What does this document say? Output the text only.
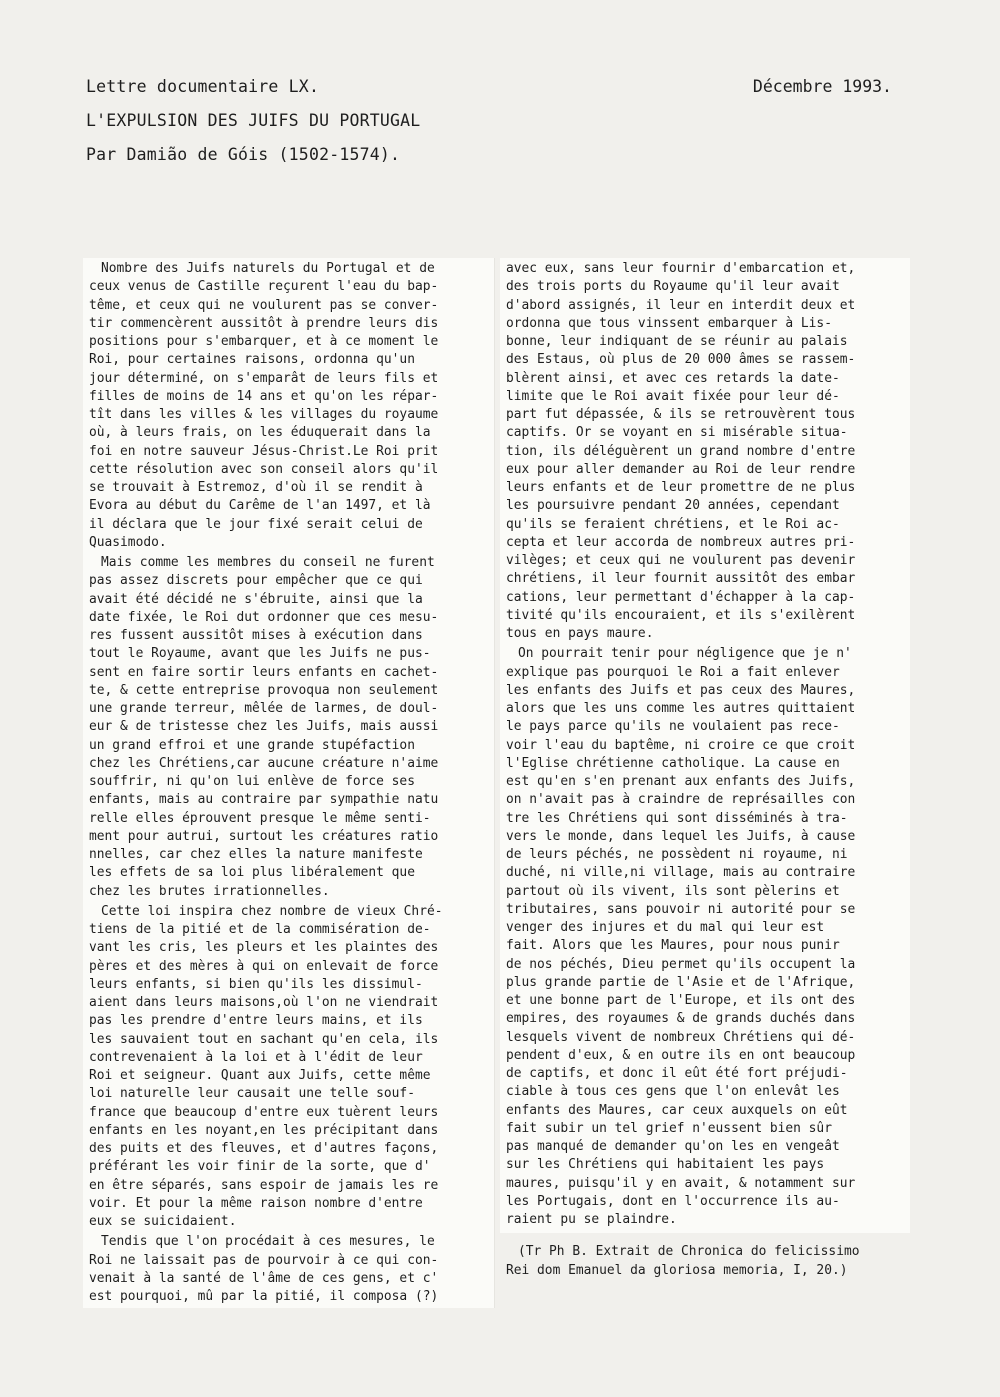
Lettre documentaire LX.	Décembre 1993.
L'EXPULSION DES JUIFS DU PORTUGAL
Par Damião de Góis (1502-1574).

Nombre des Juifs naturels du Portugal et de
ceux venus de Castille reçurent l'eau du bap-
tême, et ceux qui ne voulurent pas se conver-
tir commencèrent aussitôt à prendre leurs dis
positions pour s'embarquer, et à ce moment le
Roi, pour certaines raisons, ordonna qu'un
jour déterminé, on s'emparât de leurs fils et
filles de moins de 14 ans et qu'on les répar-
tît dans les villes & les villages du royaume
où, à leurs frais, on les éduquerait dans la
foi en notre sauveur Jésus-Christ.Le Roi prit
cette résolution avec son conseil alors qu'il
se trouvait à Estremoz, d'où il se rendit à
Evora au début du Carême de l'an 1497, et là
il déclara que le jour fixé serait celui de
Quasimodo.

Mais comme les membres du conseil ne furent
pas assez discrets pour empêcher que ce qui
avait été décidé ne s'ébruite, ainsi que la
date fixée, le Roi dut ordonner que ces mesu-
res fussent aussitôt mises à exécution dans
tout le Royaume, avant que les Juifs ne pus-
sent en faire sortir leurs enfants en cachet-
te, & cette entreprise provoqua non seulement
une grande terreur, mêlée de larmes, de doul-
eur & de tristesse chez les Juifs, mais aussi
un grand effroi et une grande stupéfaction
chez les Chrétiens,car aucune créature n'aime
souffrir, ni qu'on lui enlève de force ses
enfants, mais au contraire par sympathie natu
relle elles éprouvent presque le même senti-
ment pour autrui, surtout les créatures ratio
nnelles, car chez elles la nature manifeste
les effets de sa loi plus libéralement que
chez les brutes irrationnelles.

Cette loi inspira chez nombre de vieux Chré-
tiens de la pitié et de la commisération de-
vant les cris, les pleurs et les plaintes des
pères et des mères à qui on enlevait de force
leurs enfants, si bien qu'ils les dissimul-
aient dans leurs maisons,où l'on ne viendrait
pas les prendre d'entre leurs mains, et ils
les sauvaient tout en sachant qu'en cela, ils
contrevenaient à la loi et à l'édit de leur
Roi et seigneur. Quant aux Juifs, cette même
loi naturelle leur causait une telle souf-
france que beaucoup d'entre eux tuèrent leurs
enfants en les noyant,en les précipitant dans
des puits et des fleuves, et d'autres façons,
préférant les voir finir de la sorte, que d'
en être séparés, sans espoir de jamais les re
voir. Et pour la même raison nombre d'entre
eux se suicidaient.

Tendis que l'on procédait à ces mesures, le
Roi ne laissait pas de pourvoir à ce qui con-
venait à la santé de l'âme de ces gens, et c'
est pourquoi, mû par la pitié, il composa (?)

avec eux, sans leur fournir d'embarcation et,
des trois ports du Royaume qu'il leur avait
d'abord assignés, il leur en interdit deux et
ordonna que tous vinssent embarquer à Lis-
bonne, leur indiquant de se réunir au palais
des Estaus, où plus de 20 000 âmes se rassem-
blèrent ainsi, et avec ces retards la date-
limite que le Roi avait fixée pour leur dé-
part fut dépassée, & ils se retrouvèrent tous
captifs. Or se voyant en si misérable situa-
tion, ils déléguèrent un grand nombre d'entre
eux pour aller demander au Roi de leur rendre
leurs enfants et de leur promettre de ne plus
les poursuivre pendant 20 années, cependant
qu'ils se feraient chrétiens, et le Roi ac-
cepta et leur accorda de nombreux autres pri-
vilèges; et ceux qui ne voulurent pas devenir
chrétiens, il leur fournit aussitôt des embar
cations, leur permettant d'échapper à la cap-
tivité qu'ils encouraient, et ils s'exilèrent
tous en pays maure.

On pourrait tenir pour négligence que je n'
explique pas pourquoi le Roi a fait enlever
les enfants des Juifs et pas ceux des Maures,
alors que les uns comme les autres quittaient
le pays parce qu'ils ne voulaient pas rece-
voir l'eau du baptême, ni croire ce que croit
l'Eglise chrétienne catholique. La cause en
est qu'en s'en prenant aux enfants des Juifs,
on n'avait pas à craindre de représailles con
tre les Chrétiens qui sont disséminés à tra-
vers le monde, dans lequel les Juifs, à cause
de leurs péchés, ne possèdent ni royaume, ni
duché, ni ville,ni village, mais au contraire
partout où ils vivent, ils sont pèlerins et
tributaires, sans pouvoir ni autorité pour se
venger des injures et du mal qui leur est
fait. Alors que les Maures, pour nous punir
de nos péchés, Dieu permet qu'ils occupent la
plus grande partie de l'Asie et de l'Afrique,
et une bonne part de l'Europe, et ils ont des
empires, des royaumes & de grands duchés dans
lesquels vivent de nombreux Chrétiens qui dé-
pendent d'eux, & en outre ils en ont beaucoup
de captifs, et donc il eût été fort préjudi-
ciable à tous ces gens que l'on enlevât les
enfants des Maures, car ceux auxquels on eût
fait subir un tel grief n'eussent bien sûr
pas manqué de demander qu'on les en vengeât
sur les Chrétiens qui habitaient les pays
maures, puisqu'il y en avait, & notamment sur
les Portugais, dont en l'occurrence ils au-
raient pu se plaindre.

(Tr Ph B. Extrait de Chronica do felicissimo
Rei dom Emanuel da gloriosa memoria, I, 20.)
